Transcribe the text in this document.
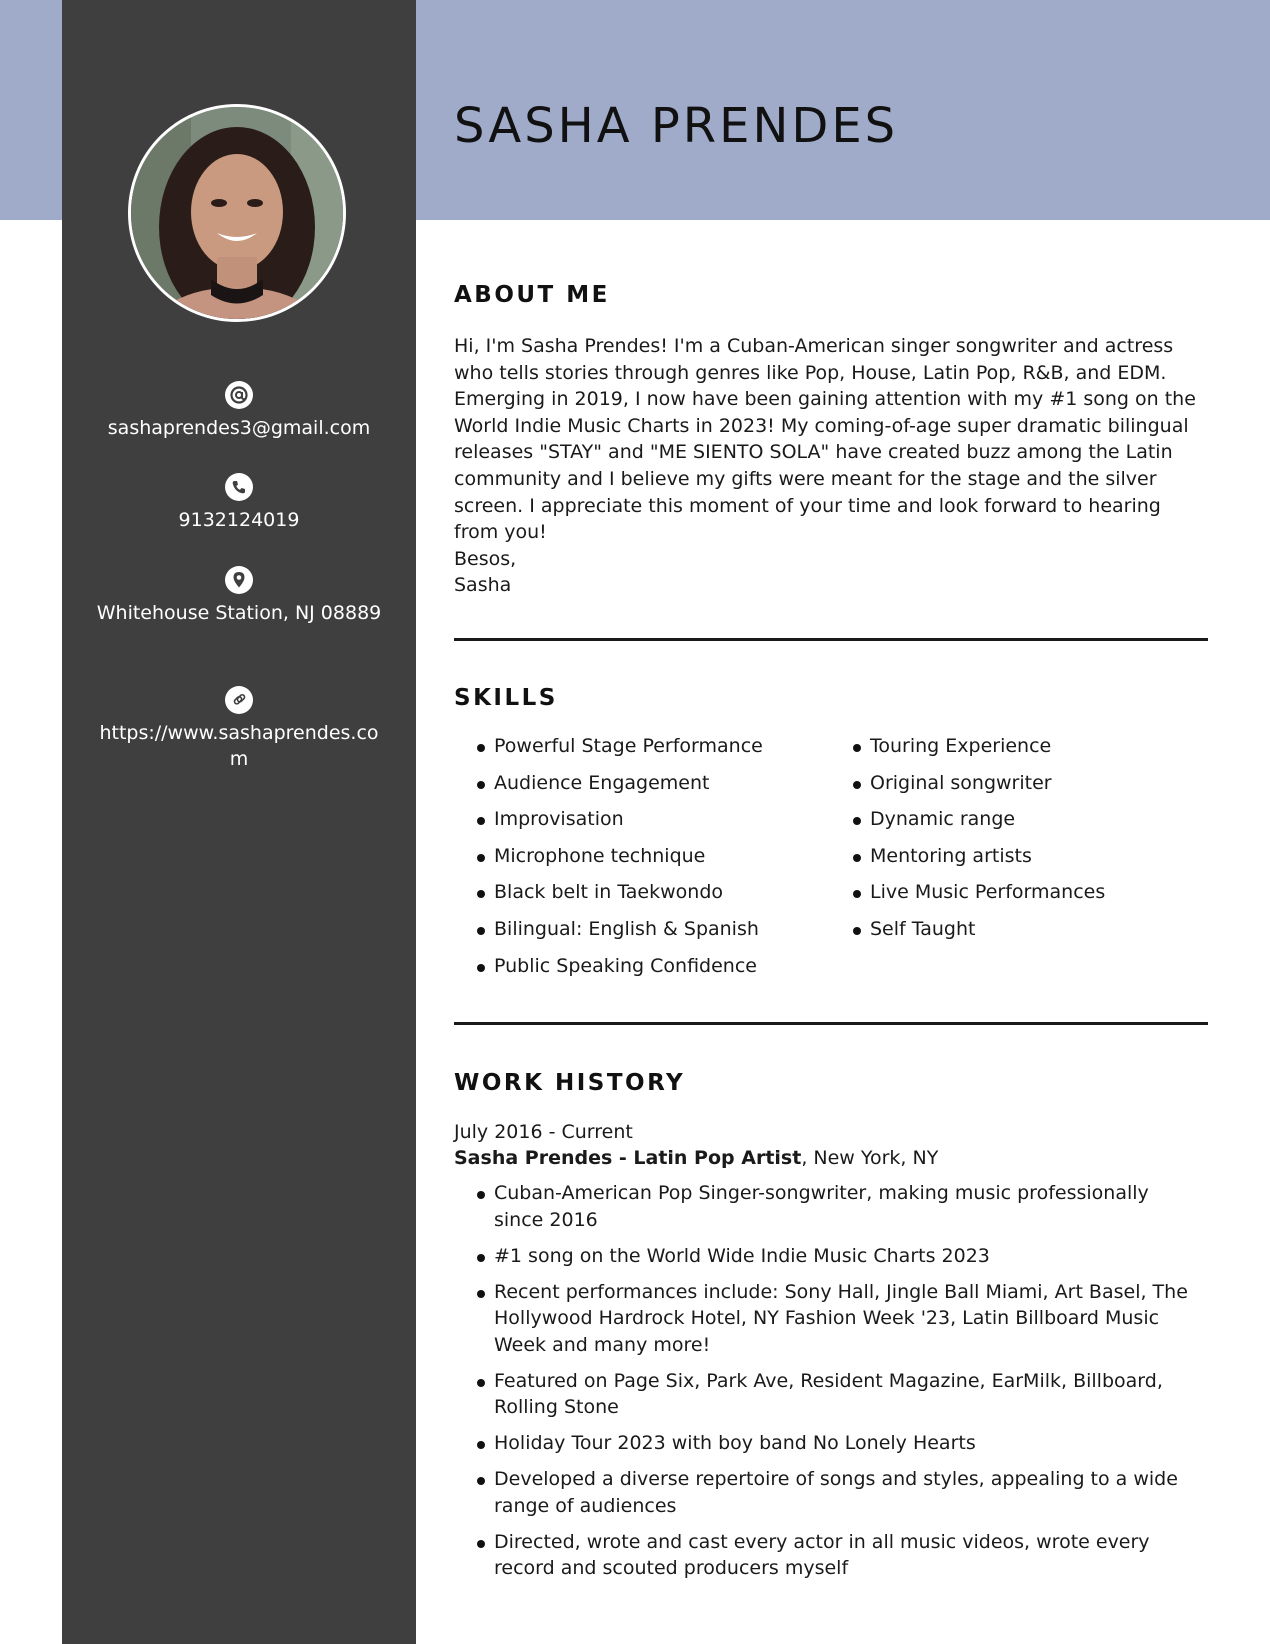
SASHA PRENDES
sashaprendes3@gmail.com
9132124019
Whitehouse Station, NJ 08889
https://www.sashaprendes.com
ABOUT ME
Hi, I'm Sasha Prendes! I'm a Cuban-American singer songwriter and actress who tells stories through genres like Pop, House, Latin Pop, R&B, and EDM. Emerging in 2019, I now have been gaining attention with my #1 song on the World Indie Music Charts in 2023! My coming-of-age super dramatic bilingual releases "STAY" and "ME SIENTO SOLA" have created buzz among the Latin community and I believe my gifts were meant for the stage and the silver screen. I appreciate this moment of your time and look forward to hearing from you!
Besos,
Sasha
SKILLS
Powerful Stage Performance
Audience Engagement
Improvisation
Microphone technique
Black belt in Taekwondo
Bilingual: English & Spanish
Public Speaking Confidence
Touring Experience
Original songwriter
Dynamic range
Mentoring artists
Live Music Performances
Self Taught
WORK HISTORY
July 2016 - Current
Sasha Prendes - Latin Pop Artist, New York, NY
Cuban-American Pop Singer-songwriter, making music professionally since 2016
#1 song on the World Wide Indie Music Charts 2023
Recent performances include: Sony Hall, Jingle Ball Miami, Art Basel, The Hollywood Hardrock Hotel, NY Fashion Week '23, Latin Billboard Music Week and many more!
Featured on Page Six, Park Ave, Resident Magazine, EarMilk, Billboard, Rolling Stone
Holiday Tour 2023 with boy band No Lonely Hearts
Developed a diverse repertoire of songs and styles, appealing to a wide range of audiences
Directed, wrote and cast every actor in all music videos, wrote every record and scouted producers myself
